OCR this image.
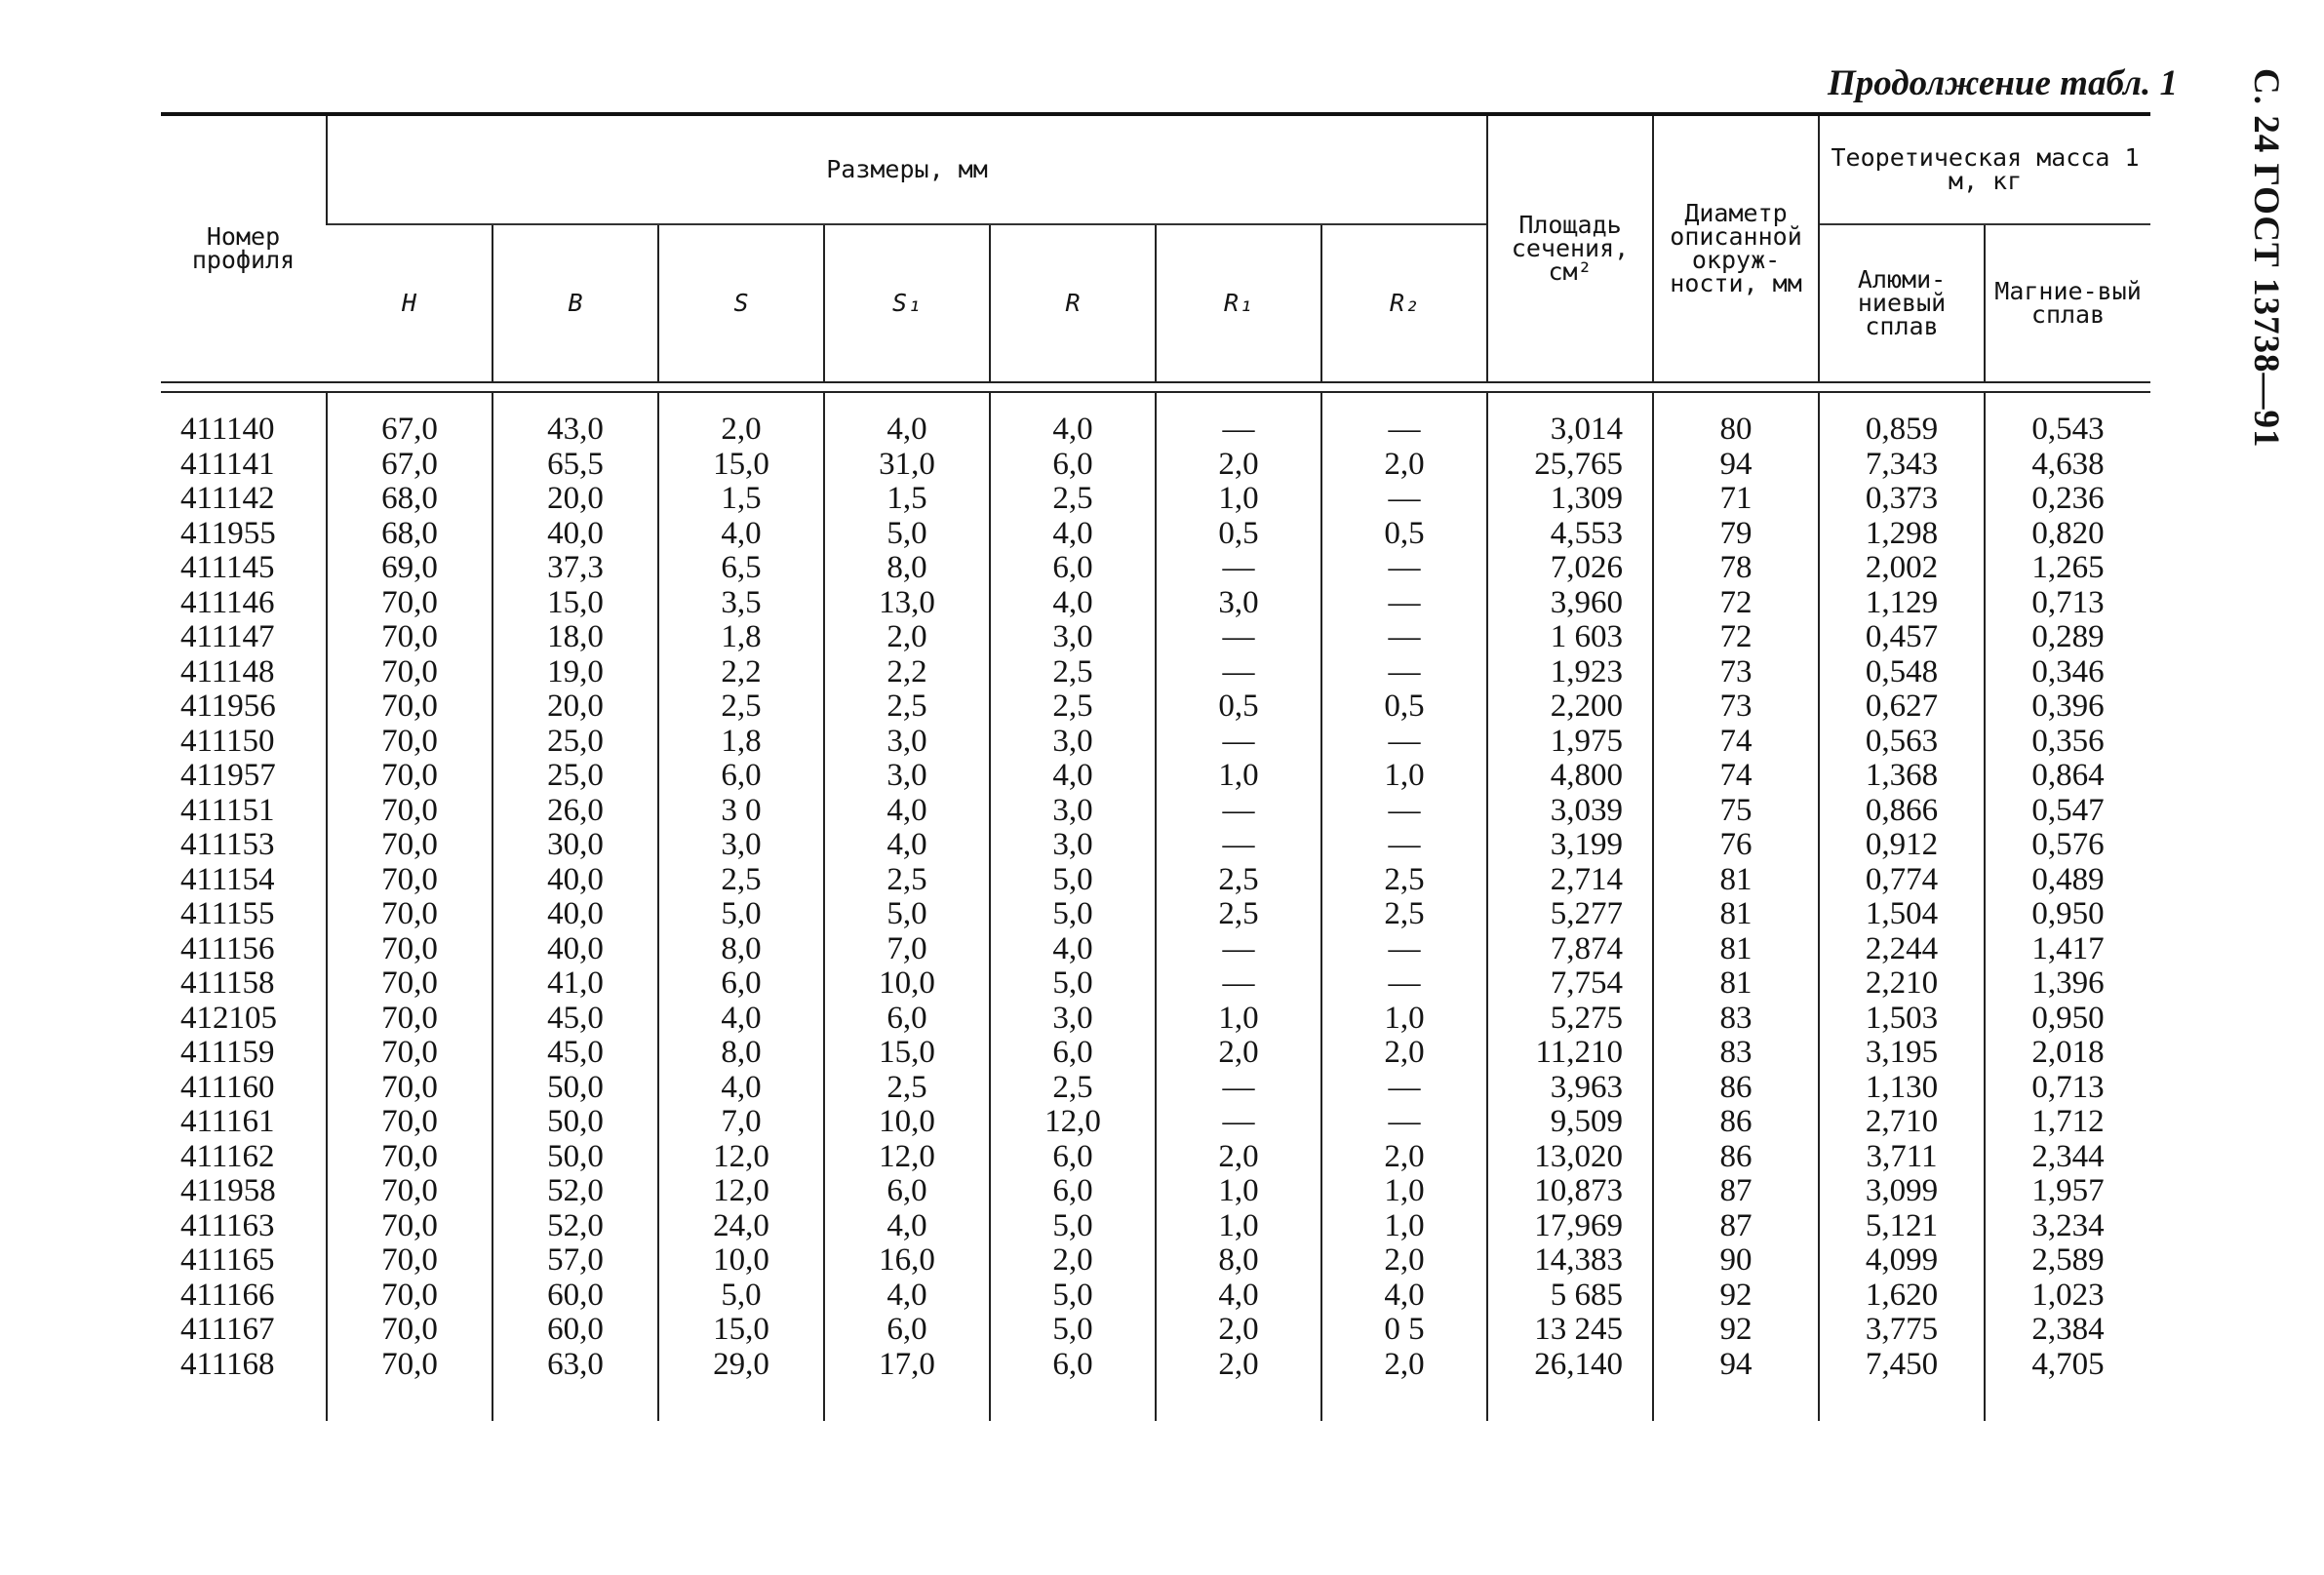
С. 24 ГОСТ 13738—91
Продолжение табл. 1
Номер профиля	Размеры, мм							Площадь сечения, см²	Диаметр описанной окруж-ности, мм	Теоретическая масса 1 м, кг	
	H	B	S	S₁	R	R₁	R₂			Алюми-ниевый сплав	Магние-вый сплав

411140	67,0	43,0	2,0	4,0	4,0	—	—	3,014	80	0,859	0,543
411141	67,0	65,5	15,0	31,0	6,0	2,0	2,0	25,765	94	7,343	4,638
411142	68,0	20,0	1,5	1,5	2,5	1,0	—	1,309	71	0,373	0,236
411955	68,0	40,0	4,0	5,0	4,0	0,5	0,5	4,553	79	1,298	0,820
411145	69,0	37,3	6,5	8,0	6,0	—	—	7,026	78	2,002	1,265
411146	70,0	15,0	3,5	13,0	4,0	3,0	—	3,960	72	1,129	0,713
411147	70,0	18,0	1,8	2,0	3,0	—	—	1 603	72	0,457	0,289
411148	70,0	19,0	2,2	2,2	2,5	—	—	1,923	73	0,548	0,346
411956	70,0	20,0	2,5	2,5	2,5	0,5	0,5	2,200	73	0,627	0,396
411150	70,0	25,0	1,8	3,0	3,0	—	—	1,975	74	0,563	0,356
411957	70,0	25,0	6,0	3,0	4,0	1,0	1,0	4,800	74	1,368	0,864
411151	70,0	26,0	3 0	4,0	3,0	—	—	3,039	75	0,866	0,547
411153	70,0	30,0	3,0	4,0	3,0	—	—	3,199	76	0,912	0,576
411154	70,0	40,0	2,5	2,5	5,0	2,5	2,5	2,714	81	0,774	0,489
411155	70,0	40,0	5,0	5,0	5,0	2,5	2,5	5,277	81	1,504	0,950
411156	70,0	40,0	8,0	7,0	4,0	—	—	7,874	81	2,244	1,417
411158	70,0	41,0	6,0	10,0	5,0	—	—	7,754	81	2,210	1,396
412105	70,0	45,0	4,0	6,0	3,0	1,0	1,0	5,275	83	1,503	0,950
411159	70,0	45,0	8,0	15,0	6,0	2,0	2,0	11,210	83	3,195	2,018
411160	70,0	50,0	4,0	2,5	2,5	—	—	3,963	86	1,130	0,713
411161	70,0	50,0	7,0	10,0	12,0	—	—	9,509	86	2,710	1,712
411162	70,0	50,0	12,0	12,0	6,0	2,0	2,0	13,020	86	3,711	2,344
411958	70,0	52,0	12,0	6,0	6,0	1,0	1,0	10,873	87	3,099	1,957
411163	70,0	52,0	24,0	4,0	5,0	1,0	1,0	17,969	87	5,121	3,234
411165	70,0	57,0	10,0	16,0	2,0	8,0	2,0	14,383	90	4,099	2,589
411166	70,0	60,0	5,0	4,0	5,0	4,0	4,0	5 685	92	1,620	1,023
411167	70,0	60,0	15,0	6,0	5,0	2,0	0 5	13 245	92	3,775	2,384
411168	70,0	63,0	29,0	17,0	6,0	2,0	2,0	26,140	94	7,450	4,705
